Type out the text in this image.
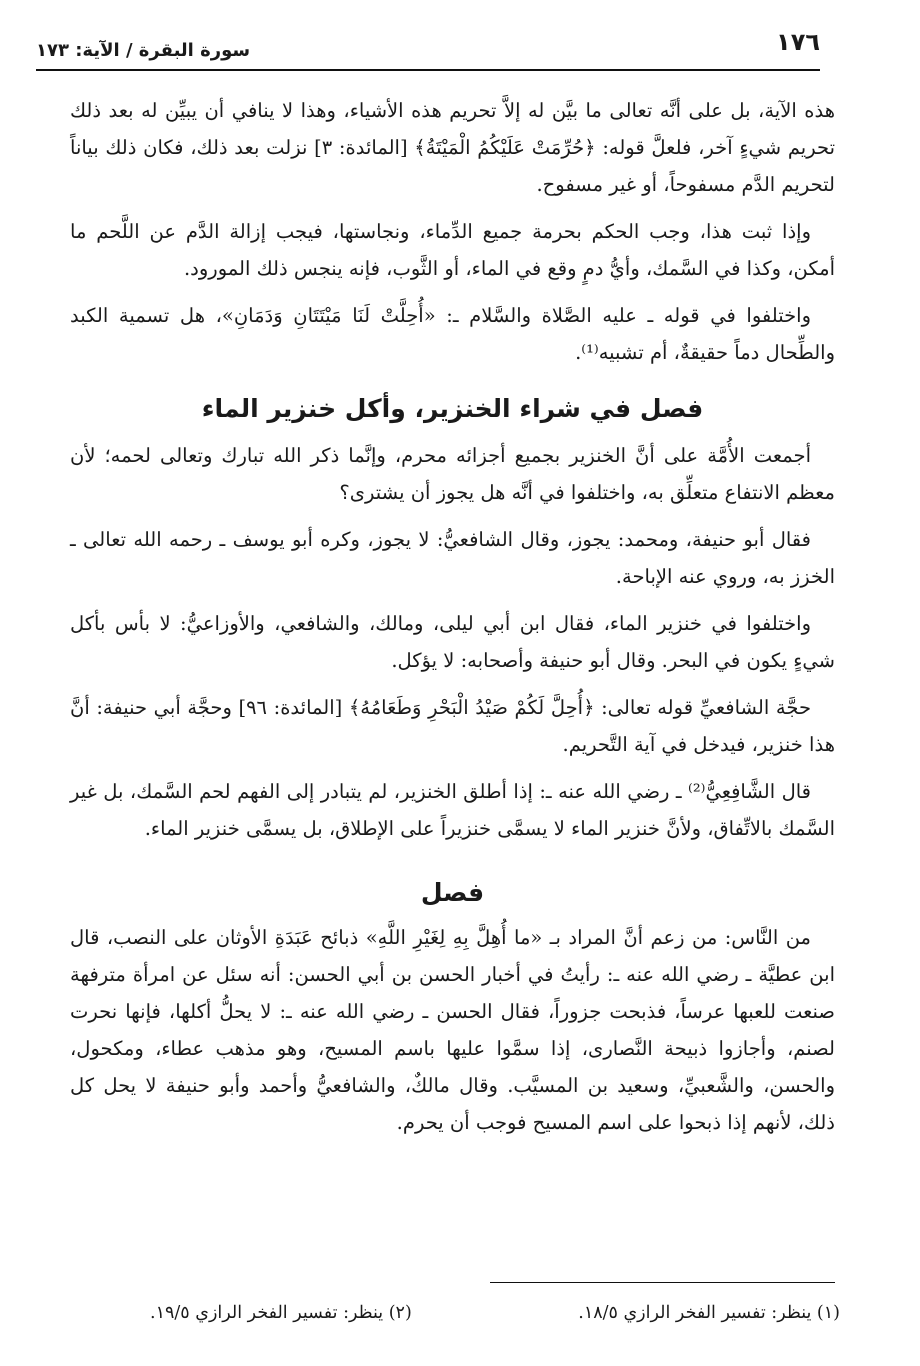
١٧٦
سورة البقرة / الآية: ١٧٣

هذه الآية، بل على أنَّه تعالى ما بيَّن له إلاَّ تحريم هذه الأشياء، وهذا لا ينافي أن يبيِّن له بعد ذلك تحريم شيءٍ آخر، فلعلَّ قوله: ﴿حُرِّمَتْ عَلَيْكُمُ الْمَيْتَةُ﴾ [المائدة: ٣] نزلت بعد ذلك، فكان ذلك بياناً لتحريم الدَّم مسفوحاً، أو غير مسفوح.

وإذا ثبت هذا، وجب الحكم بحرمة جميع الدِّماء، ونجاستها، فيجب إزالة الدَّم عن اللَّحم ما أمكن، وكذا في السَّمك، وأيُّ دمٍ وقع في الماء، أو الثَّوب، فإنه ينجس ذلك المورود.

واختلفوا في قوله ـ عليه الصَّلاة والسَّلام ـ: «أُحِلَّتْ لَنَا مَيْتَتَانِ وَدَمَانِ»، هل تسمية الكبد والطِّحال دماً حقيقةٌ، أم تشبيه⁽¹⁾.

فصل في شراء الخنزير، وأكل خنزير الماء

أجمعت الأُمَّة على أنَّ الخنزير بجميع أجزائه محرم، وإنَّما ذكر الله تبارك وتعالى لحمه؛ لأن معظم الانتفاع متعلِّق به، واختلفوا في أنَّه هل يجوز أن يشترى؟

فقال أبو حنيفة، ومحمد: يجوز، وقال الشافعيُّ: لا يجوز، وكره أبو يوسف ـ رحمه الله تعالى ـ الخزز به، وروي عنه الإباحة.

واختلفوا في خنزير الماء، فقال ابن أبي ليلى، ومالك، والشافعي، والأوزاعيُّ: لا بأس بأكل شيءٍ يكون في البحر. وقال أبو حنيفة وأصحابه: لا يؤكل.

حجَّة الشافعيِّ قوله تعالى: ﴿أُحِلَّ لَكُمْ صَيْدُ الْبَحْرِ وَطَعَامُهُ﴾ [المائدة: ٩٦] وحجَّة أبي حنيفة: أنَّ هذا خنزير، فيدخل في آية التَّحريم.

قال الشَّافِعِيُّ⁽²⁾ ـ رضي الله عنه ـ: إذا أطلق الخنزير، لم يتبادر إلى الفهم لحم السَّمك، بل غير السَّمك بالاتِّفاق، ولأنَّ خنزير الماء لا يسمَّى خنزيراً على الإطلاق، بل يسمَّى خنزير الماء.

فصل

من النَّاس: من زعم أنَّ المراد بـ «ما أُهِلَّ بِهِ لِغَيْرِ اللَّهِ» ذبائح عَبَدَةِ الأوثان على النصب، قال ابن عطيَّة ـ رضي الله عنه ـ: رأيتُ في أخبار الحسن بن أبي الحسن: أنه سئل عن امرأة مترفهة صنعت للعبها عرساً، فذبحت جزوراً، فقال الحسن ـ رضي الله عنه ـ: لا يحلُّ أكلها، فإنها نحرت لصنم، وأجازوا ذبيحة النَّصارى، إذا سمَّوا عليها باسم المسيح، وهو مذهب عطاء، ومكحول، والحسن، والشَّعبيِّ، وسعيد بن المسيَّب. وقال مالكٌ، والشافعيُّ وأحمد وأبو حنيفة لا يحل كل ذلك، لأنهم إذا ذبحوا على اسم المسيح فوجب أن يحرم.

(١) ينظر: تفسير الفخر الرازي ١٨/٥.
(٢) ينظر: تفسير الفخر الرازي ١٩/٥.
